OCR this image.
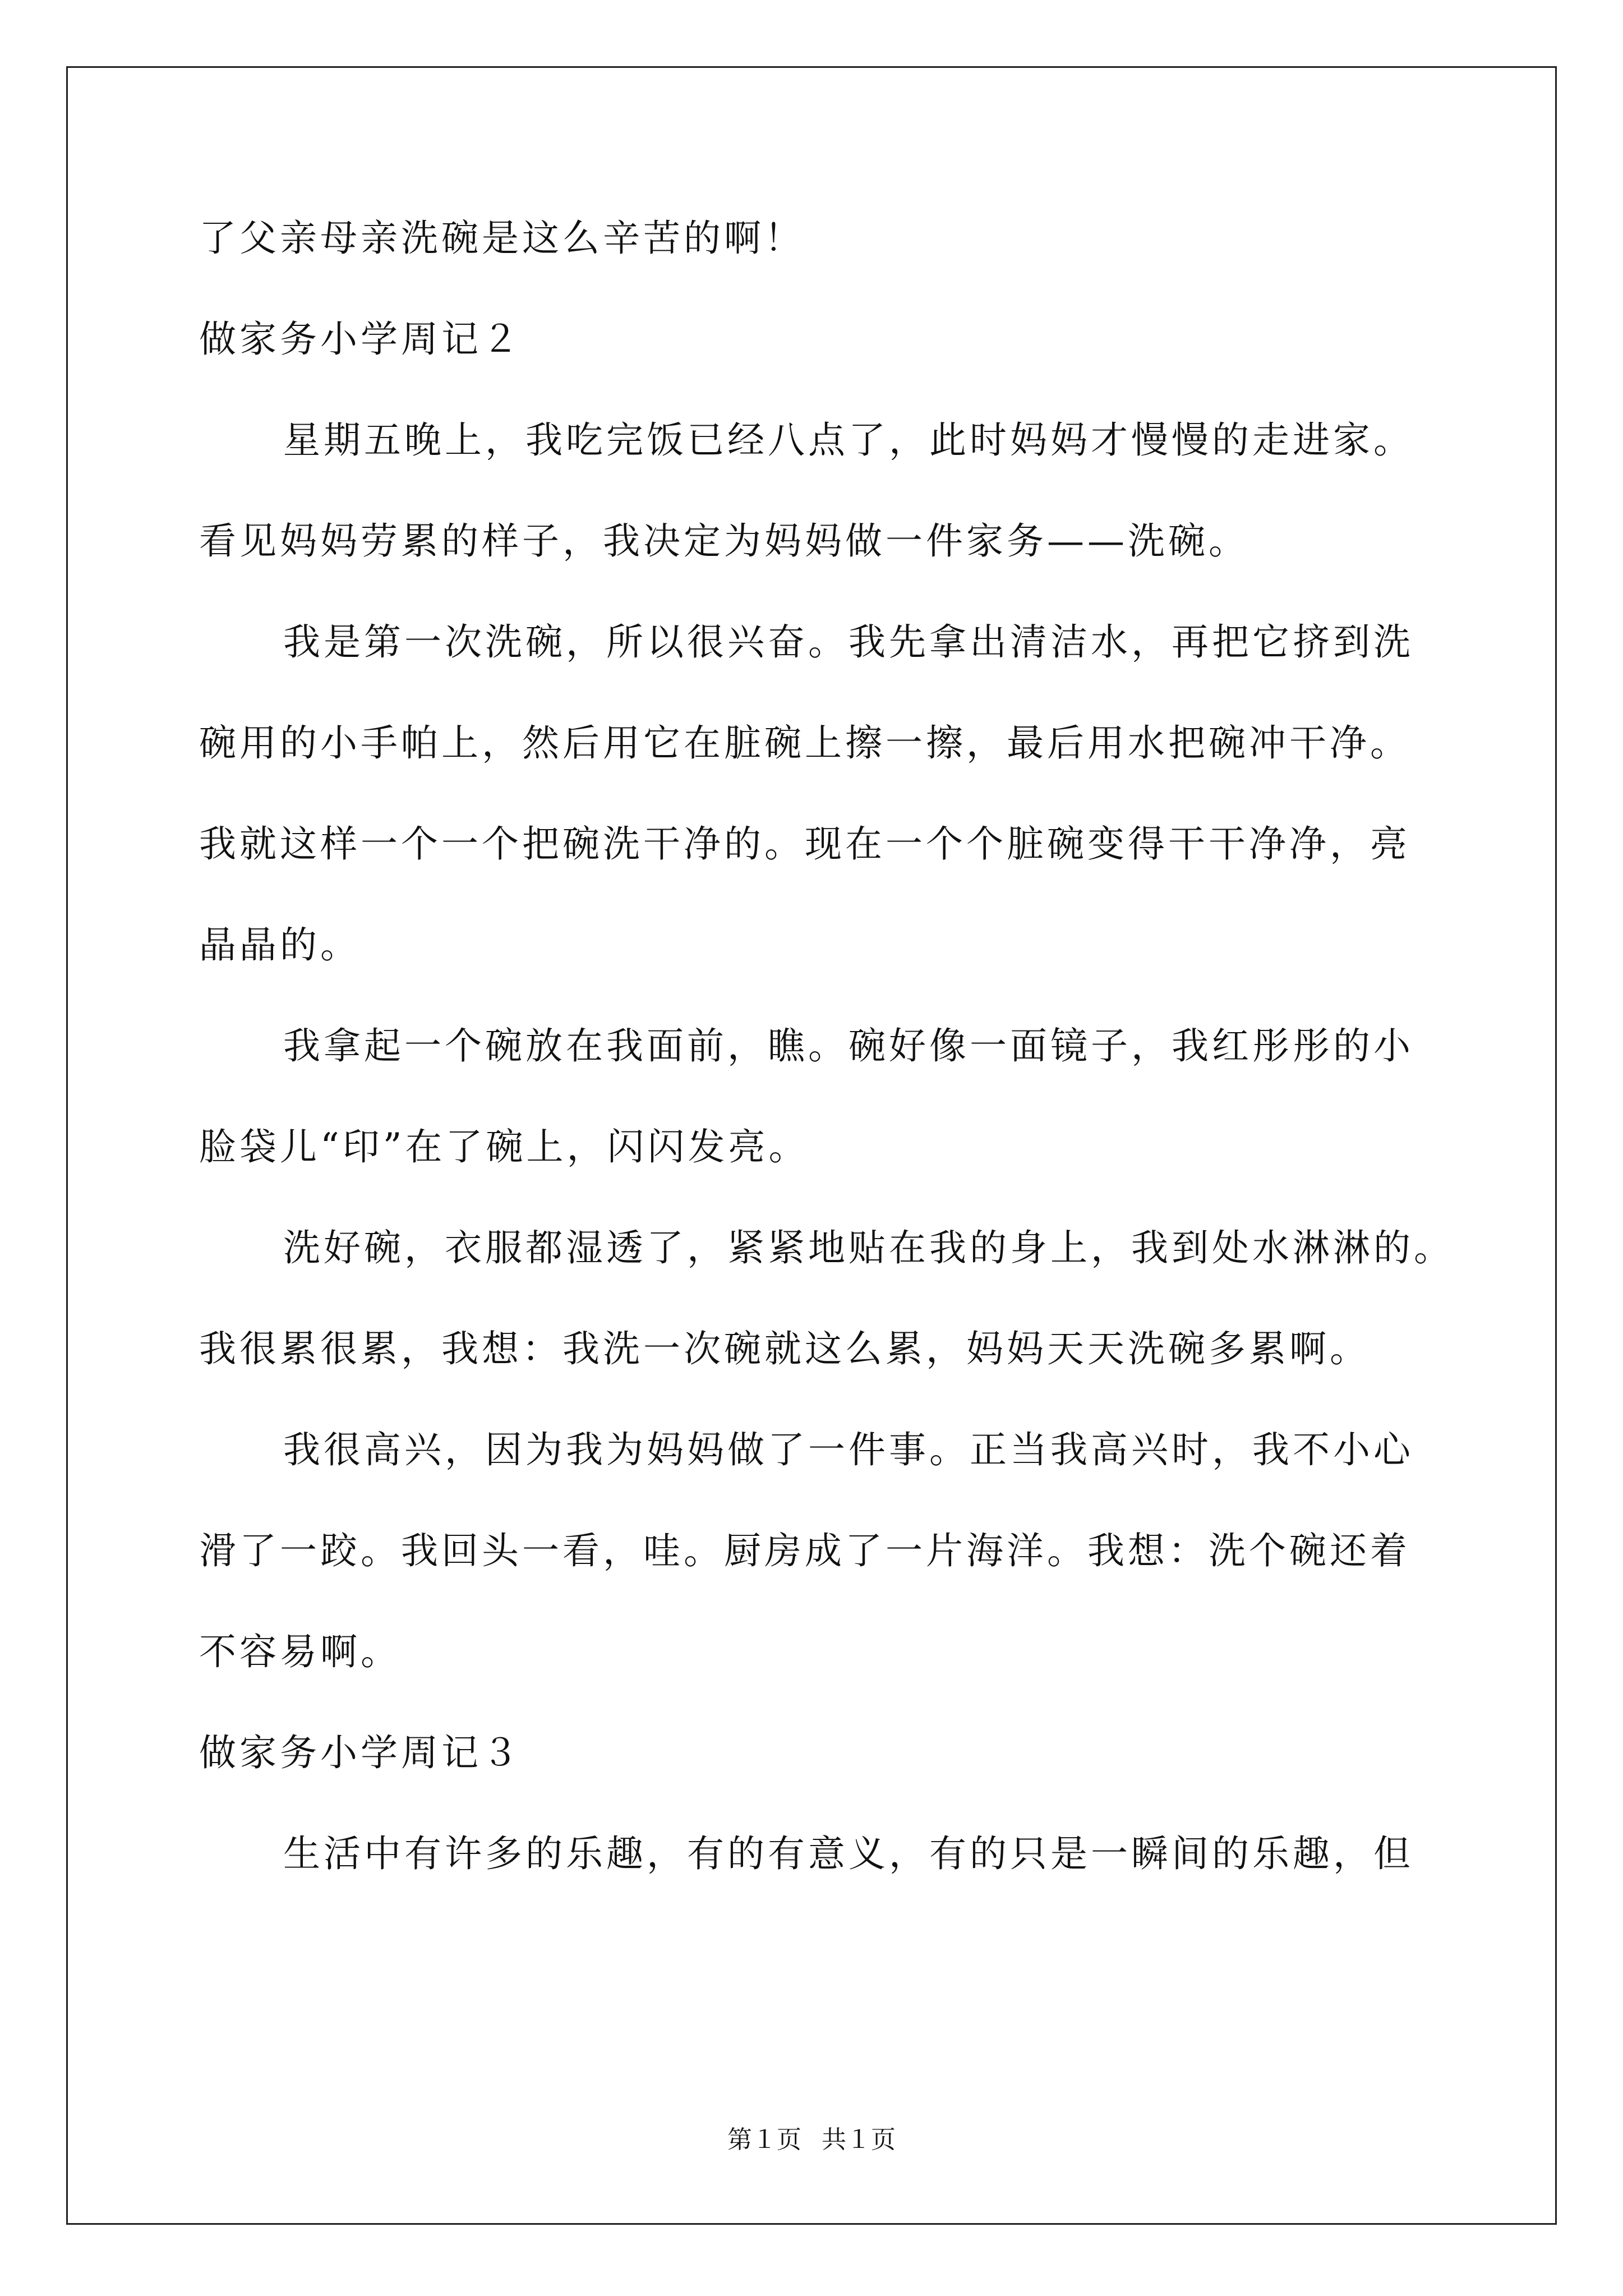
了父亲母亲洗碗是这么辛苦的啊！
做家务小学周记２
星期五晚上，我吃完饭已经八点了，此时妈妈才慢慢的走进家。
看见妈妈劳累的样子，我决定为妈妈做一件家务——洗碗。
我是第一次洗碗，所以很兴奋。我先拿出清洁水，再把它挤到洗
碗用的小手帕上，然后用它在脏碗上擦一擦，最后用水把碗冲干净。
我就这样一个一个把碗洗干净的。现在一个个脏碗变得干干净净，亮
晶晶的。
我拿起一个碗放在我面前，瞧。碗好像一面镜子，我红彤彤的小
脸袋儿“印”在了碗上，闪闪发亮。
洗好碗，衣服都湿透了，紧紧地贴在我的身上，我到处水淋淋的。
我很累很累，我想：我洗一次碗就这么累，妈妈天天洗碗多累啊。
我很高兴，因为我为妈妈做了一件事。正当我高兴时，我不小心
滑了一跤。我回头一看，哇。厨房成了一片海洋。我想：洗个碗还着
不容易啊。
做家务小学周记３
生活中有许多的乐趣，有的有意义，有的只是一瞬间的乐趣，但
第１页 共１页
